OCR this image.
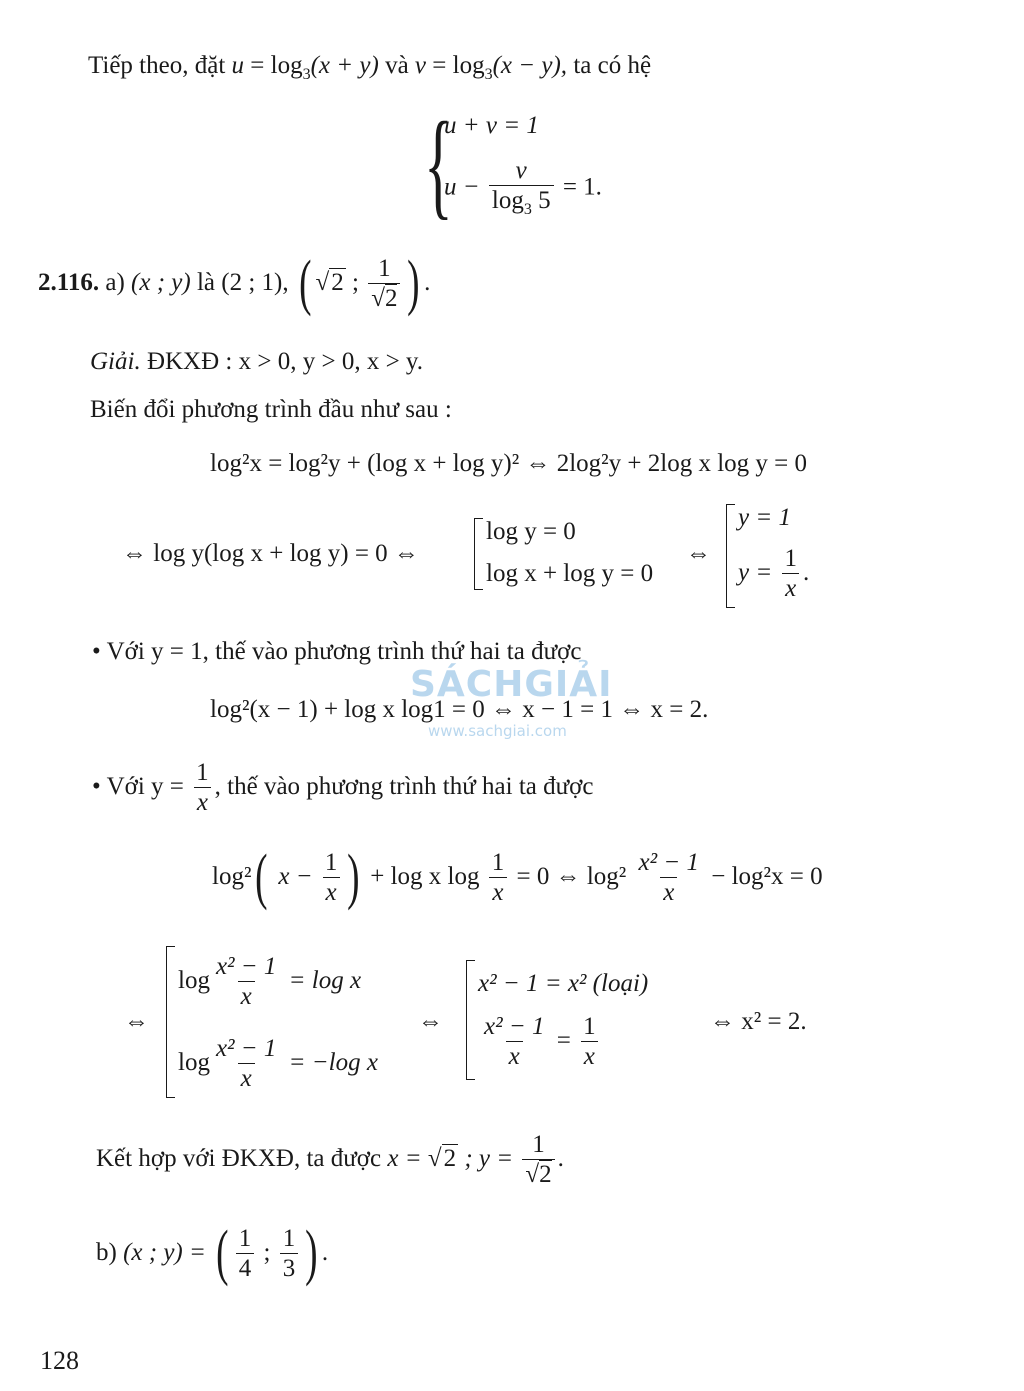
Tiếp theo, đặt $u = \log_3(x + y)$ và $v = \log_3(x - y)$, ta có hệ
{
u + v = 1
$u - \frac{v}{\log_3 5} = 1$.
2.116. a) (x ; y) là (2 ; 1), ( √2 ; $\frac{1}{√2}$ ) .
Giải. ĐKXĐ : x > 0, y > 0, x > y.
Biến đổi phương trình đầu như sau :
log²x = log²y + (log x + log y)² ⇔ 2log²y + 2log x log y = 0
⇔ log y(log x + log y) = 0 ⇔
log y = 0
log x + log y = 0
⇔
y = 1
$y = \frac{1}{x}$ .
• Với y = 1, thế vào phương trình thứ hai ta được
log²(x − 1) + log x log1 = 0 ⇔ x − 1 = 1 ⇔ x = 2.
SÁCHGIẢI
www.sachgiai.com
• Với $y = \frac{1}{x}$ , thế vào phương trình thứ hai ta được
log²( $x - \frac{1}{x}$ ) + log x $\log \frac{1}{x} = 0$ ⇔ $\log^2 \frac{\text{x² − 1}}{x} - \log^2x = 0$
⇔
$\log \frac{\text{x² − 1}}{x} = \log x$
$\log \frac{\text{x² − 1}}{x} = -\log$ x
⇔
x² − 1 = x² (loại)
$\frac{\text{x² − 1}}{x} = \frac{1}{x}$	⇔ x² = 2.
Kết hợp với ĐKXĐ, ta được x = √2 ; $y = \frac{1}{√2}$ .
b) (x ; y) = ( $\frac{1}{4}$ ; $\frac{1}{3}$ ) .
128
